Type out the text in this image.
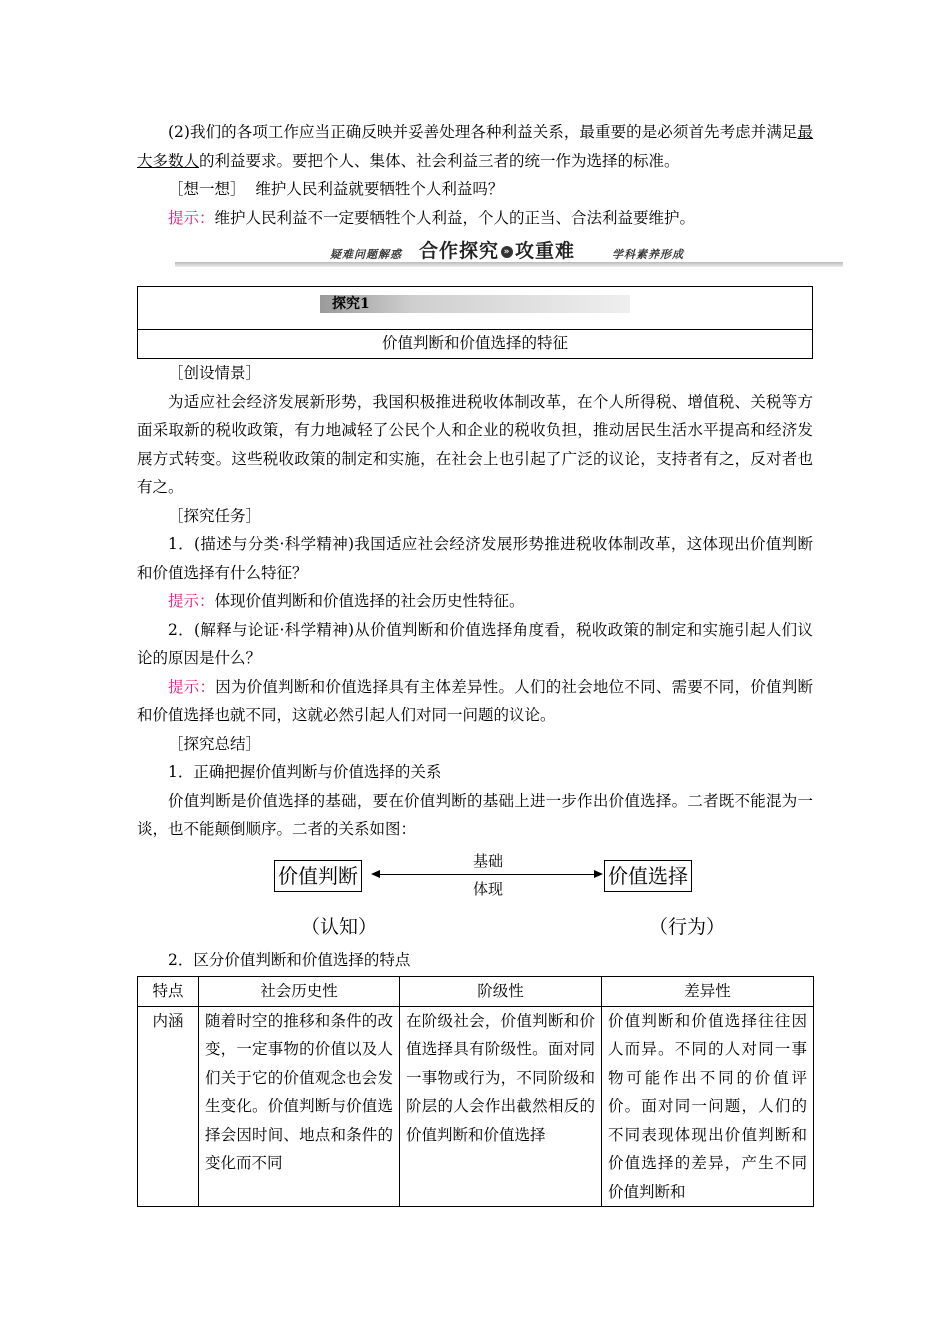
(2)我们的各项工作应当正确反映并妥善处理各种利益关系，最重要的是必须首先考虑并满足最大多数人的利益要求。要把个人、集体、社会利益三者的统一作为选择的标准。

［想一想］ 维护人民利益就要牺牲个人利益吗？

提示：维护人民利益不一定要牺牲个人利益，个人的正当、合法利益要维护。

疑难问题解惑 合作探究 » 攻重难	学科素养形成
探究1
价值判断和价值选择的特征

［创设情景］

为适应社会经济发展新形势，我国积极推进税收体制改革，在个人所得税、增值税、关税等方面采取新的税收政策，有力地减轻了公民个人和企业的税收负担，推动居民生活水平提高和经济发展方式转变。这些税收政策的制定和实施，在社会上也引起了广泛的议论，支持者有之，反对者也有之。

［探究任务］

1．(描述与分类·科学精神)我国适应社会经济发展形势推进税收体制改革，这体现出价值判断和价值选择有什么特征？

提示：体现价值判断和价值选择的社会历史性特征。

2．(解释与论证·科学精神)从价值判断和价值选择角度看，税收政策的制定和实施引起人们议论的原因是什么？

提示：因为价值判断和价值选择具有主体差异性。人们的社会地位不同、需要不同，价值判断和价值选择也就不同，这就必然引起人们对同一问题的议论。

［探究总结］

1．正确把握价值判断与价值选择的关系

价值判断是价值选择的基础，要在价值判断的基础上进一步作出价值选择。二者既不能混为一谈，也不能颠倒顺序。二者的关系如图：

价值判断
基础
体现
价值选择
（认知）	（行为）

2．区分价值判断和价值选择的特点

特点	社会历史性	阶级性	差异性
内涵	随着时空的推移和条件的改变，一定事物的价值以及人们关于它的价值观念也会发生变化。价值判断与价值选择会因时间、地点和条件的变化而不同	在阶级社会，价值判断和价值选择具有阶级性。面对同一事物或行为，不同阶级和阶层的人会作出截然相反的价值判断和价值选择	价值判断和价值选择往往因人而异。不同的人对同一事物可能作出不同的价值评价。面对同一问题，人们的不同表现体现出价值判断和价值选择的差异，产生不同价值判断和
